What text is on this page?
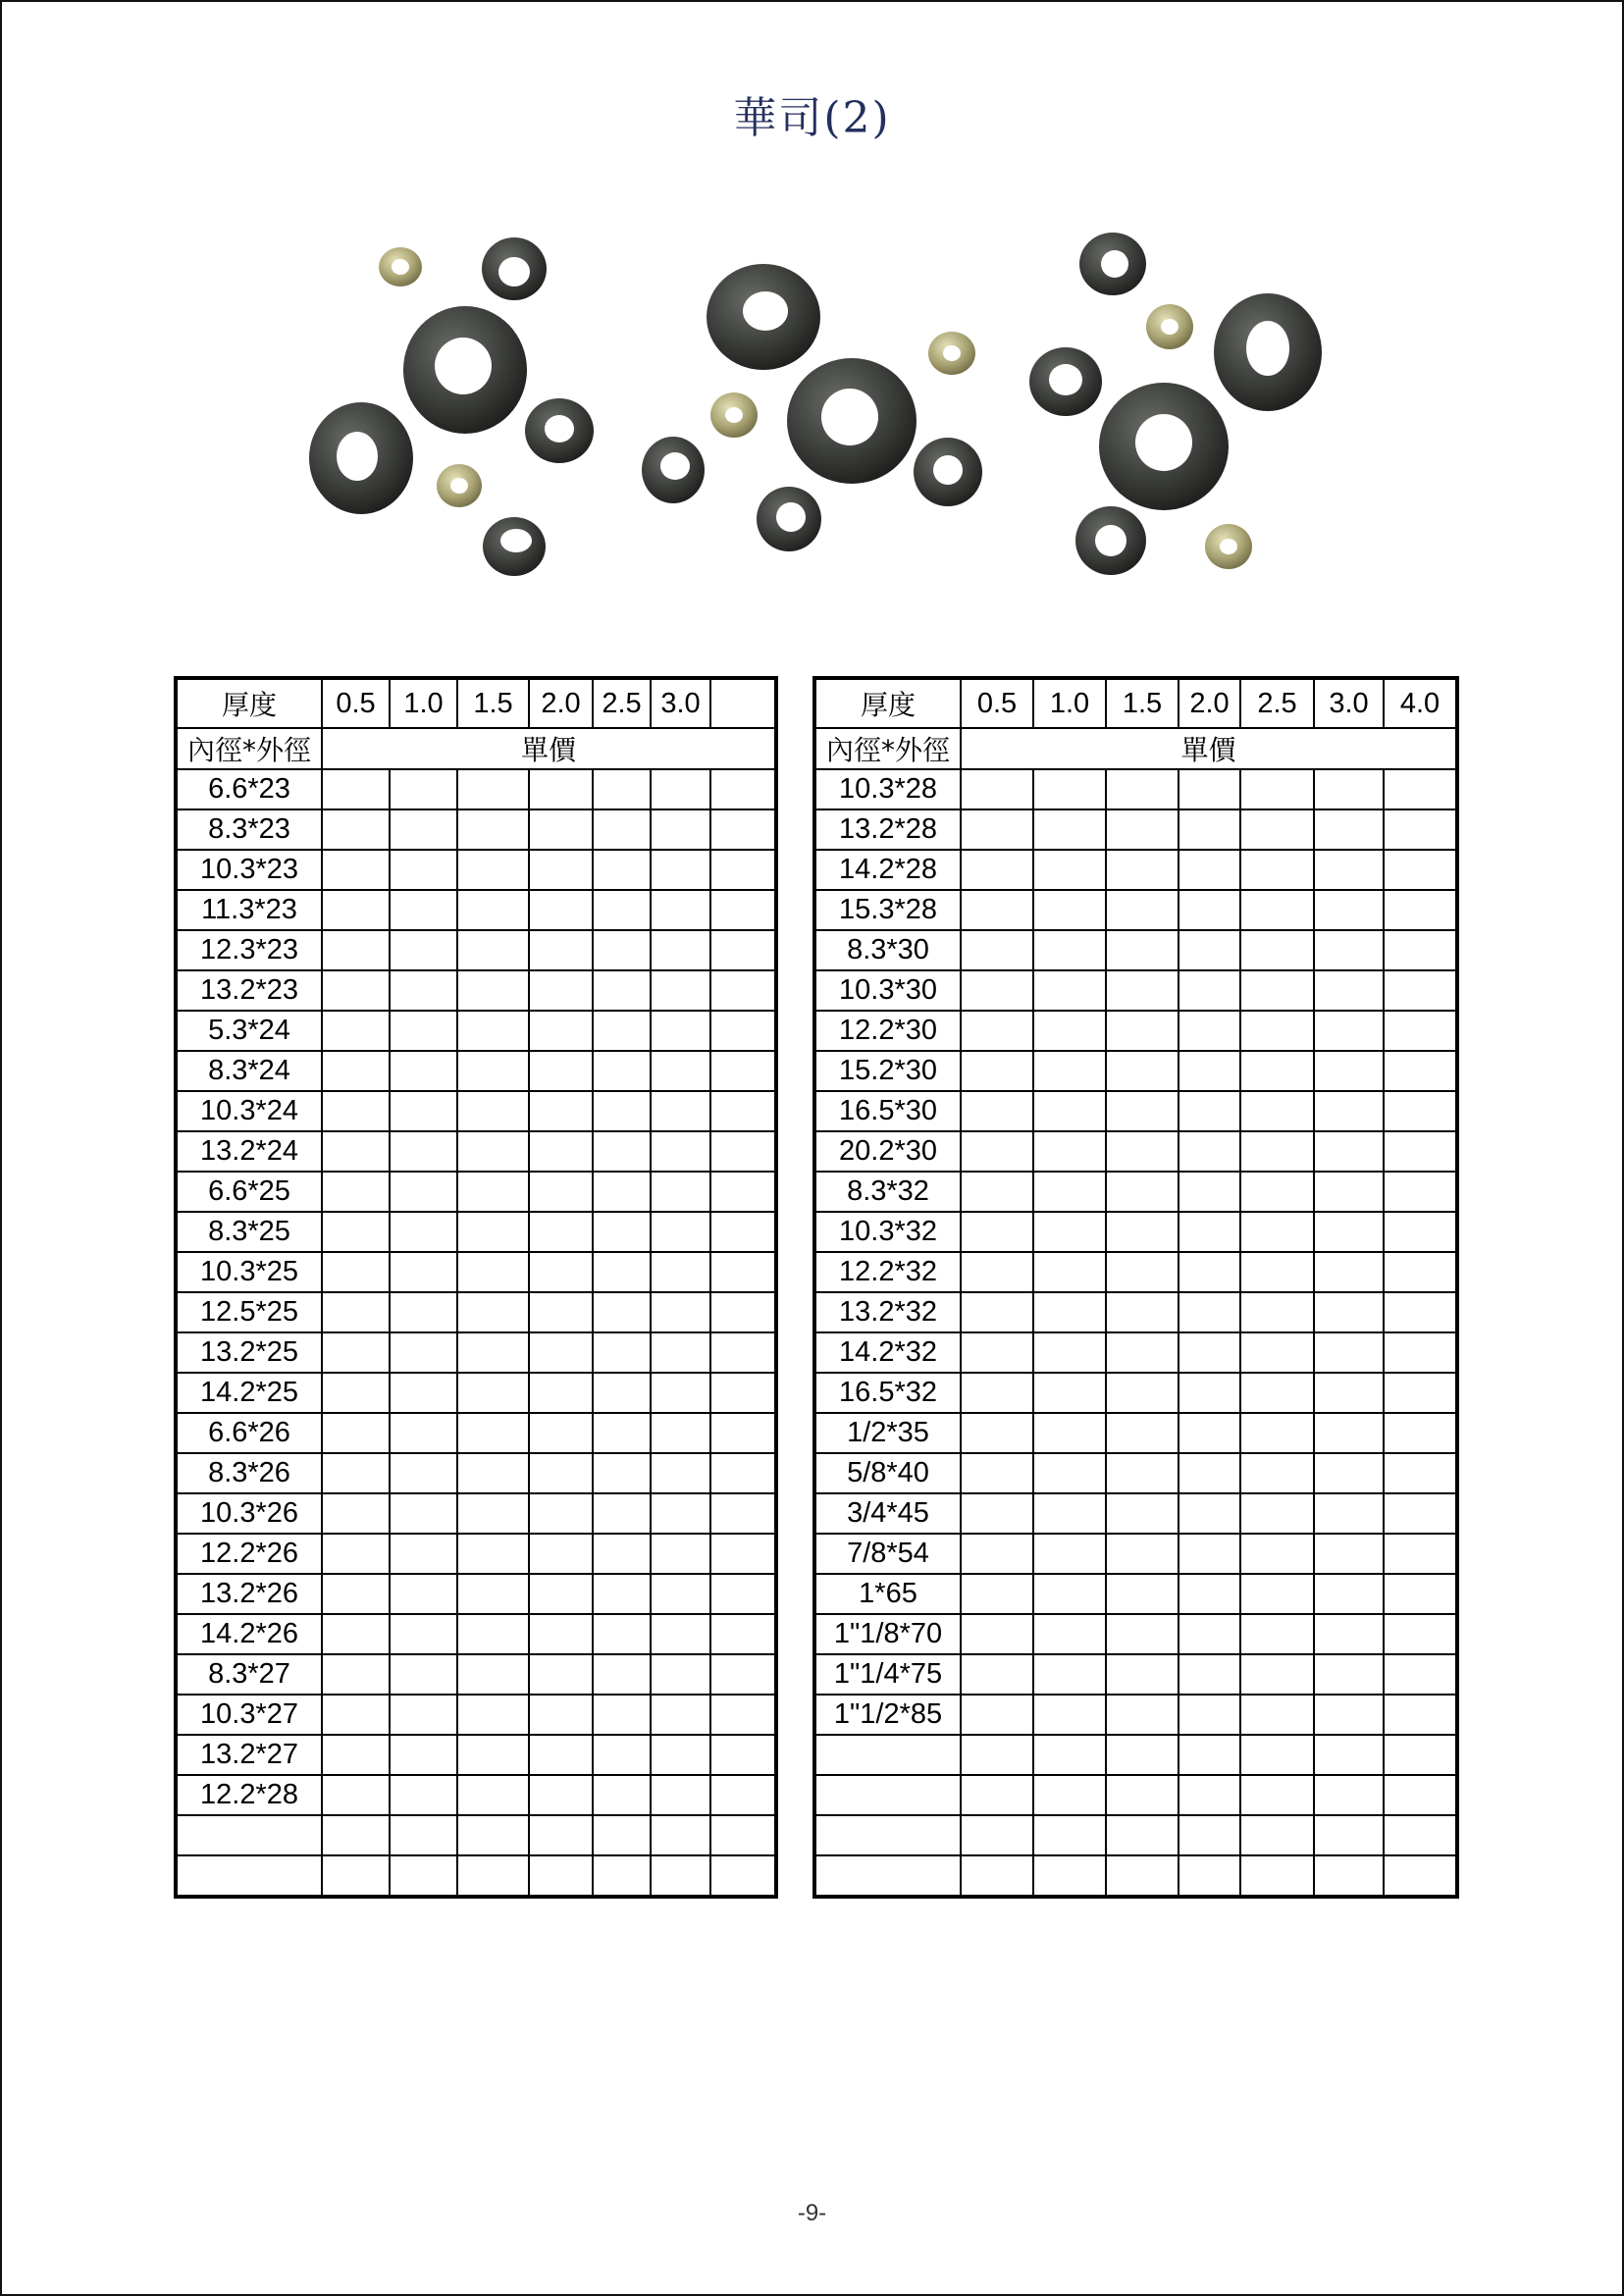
華司(2)
厚度	0.5	1.0	1.5	2.0	2.5	3.0	
內徑*外徑	單價						
6.6*23							
8.3*23							
10.3*23							
11.3*23							
12.3*23							
13.2*23							
5.3*24							
8.3*24							
10.3*24							
13.2*24							
6.6*25							
8.3*25							
10.3*25							
12.5*25							
13.2*25							
14.2*25							
6.6*26							
8.3*26							
10.3*26							
12.2*26							
13.2*26							
14.2*26							
8.3*27							
10.3*27							
13.2*27							
12.2*28							

厚度	0.5	1.0	1.5	2.0	2.5	3.0	4.0
內徑*外徑	單價						
10.3*28							
13.2*28							
14.2*28							
15.3*28							
8.3*30							
10.3*30							
12.2*30							
15.2*30							
16.5*30							
20.2*30							
8.3*32							
10.3*32							
12.2*32							
13.2*32							
14.2*32							
16.5*32							
1/2*35							
5/8*40							
3/4*45							
7/8*54							
1*65							
1"1/8*70							
1"1/4*75							
1"1/2*85							

-9-
